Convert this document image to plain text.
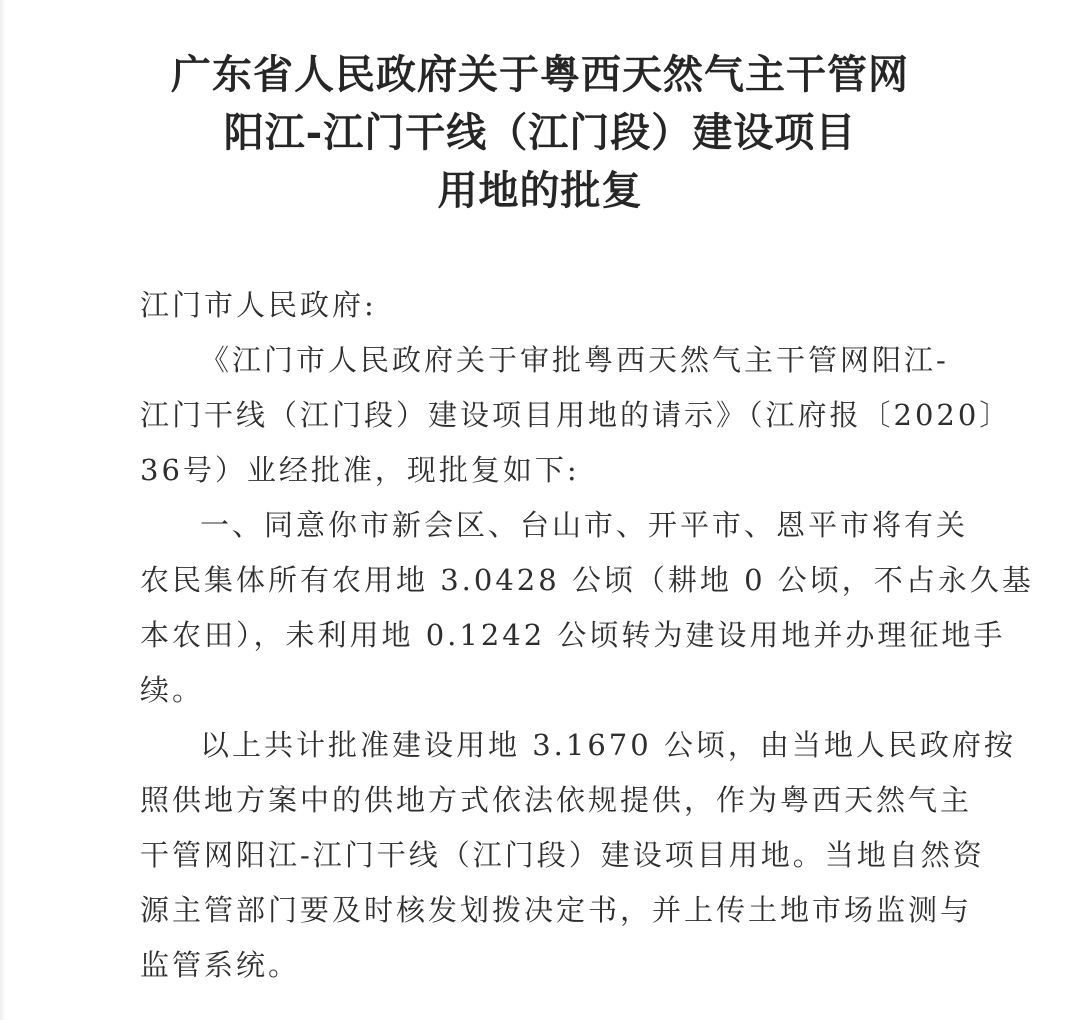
广东省人民政府关于粤西天然气主干管网
阳江-江门干线（江门段）建设项目
用地的批复
江门市人民政府:
《江门市人民政府关于审批粤西天然气主干管网阳江-
江门干线（江门段）建设项目用地的请示》（江府报〔2020〕
36号）业经批准，现批复如下:
一、同意你市新会区、台山市、开平市、恩平市将有关
农民集体所有农用地 3.0428 公顷（耕地 0 公顷，不占永久基
本农田），未利用地 0.1242 公顷转为建设用地并办理征地手
续。
以上共计批准建设用地 3.1670 公顷，由当地人民政府按
照供地方案中的供地方式依法依规提供，作为粤西天然气主
干管网阳江-江门干线（江门段）建设项目用地。当地自然资
源主管部门要及时核发划拨决定书，并上传土地市场监测与
监管系统。
